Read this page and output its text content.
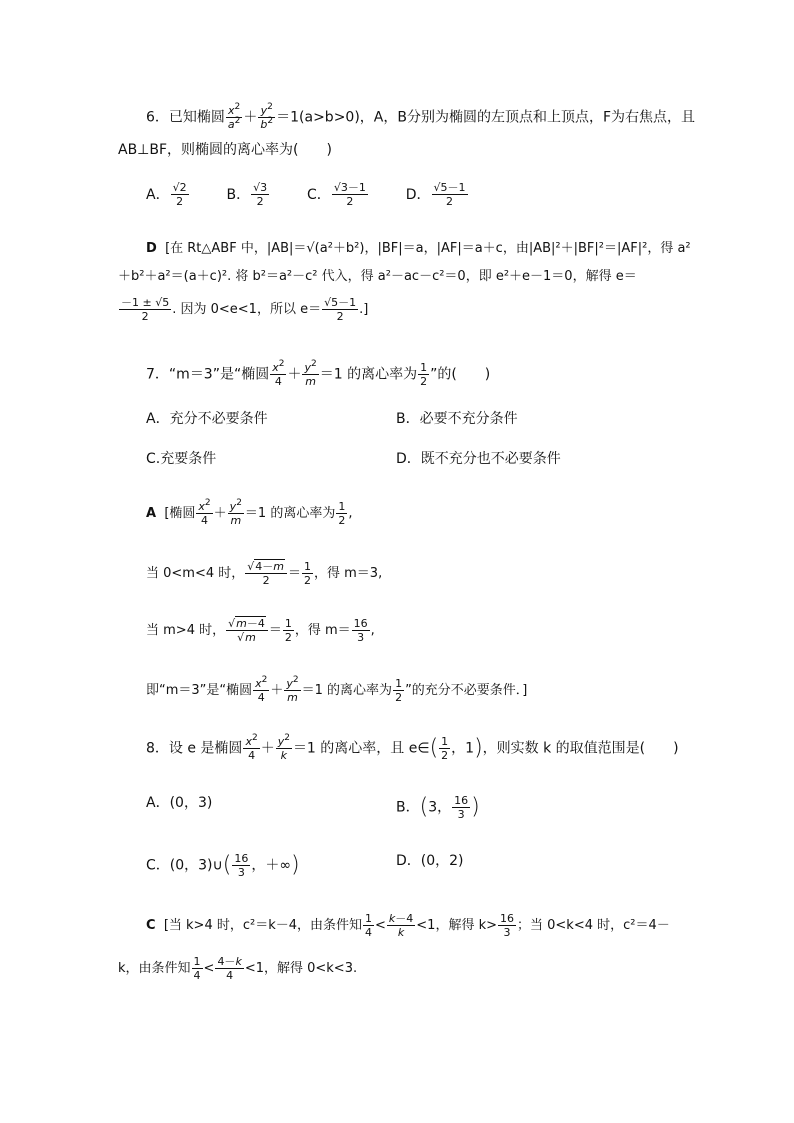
6．已知椭圆 $\frac{x^2}{a^2} + \frac{y^2}{b^2} =1(a>b>0)$，A，B分别为椭圆的左顶点和上顶点，F为右焦点，且
AB⊥BF，则椭圆的离心率为(　　)
A． $\frac{√2}{2}$	B． $\frac{√3}{2}$	C． $\frac{√3-1}{2}$	D． $\frac{√5-1}{2}$
D [在 Rt△ABF 中，|AB|＝√(a²＋b²)，|BF|＝a，|AF|＝a＋c，由|AB|²＋|BF|²＝|AF|²，得 a²
＋b²＋a²＝(a＋c)². 将 b²＝a²－c² 代入，得 a²－ac－c²＝0，即 e²＋e－1＝0，解得 e＝
$\frac{-1 \pm √5}{2}$ . 因为 0<e<1，所以 $e= \frac{√5-1}{2}$ .]
7．“m＝3”是“椭圆 $\frac{x^2}{4} + \frac{y^2}{m} =1$ 的离心率为 $\frac{1}{2}$ ”的(　　)
A．充分不必要条件	B．必要不充分条件
C.充要条件	D．既不充分也不必要条件
A [椭圆 $\frac{x^2}{4} + \frac{y^2}{m} =1$ 的离心率为 $\frac{1}{2}$ ,
当 0<m<4 时， $\frac{√4-m}{2} = \frac{1}{2}$ ，得 m＝3,
当 m>4 时， $\frac{√m-4}{√m} = \frac{1}{2}$ ，得 $m= \frac{16}{3}$ ,
即“m＝3”是“椭圆 $\frac{x^2}{4} + \frac{y^2}{m} =1$ 的离心率为 $\frac{1}{2}$ ”的充分不必要条件．]
8．设 e 是椭圆 $\frac{x^2}{4} + \frac{y^2}{k} =1$ 的离心率，且 e∈( $\frac{1}{2}$ ，1)，则实数 k 的取值范围是(　　)
A．(0，3)	B．(3， $\frac{16}{3}$ )
C．(0，3)∪( $\frac{16}{3}$ ，＋∞)	D．(0，2)
C [当 k>4 时，c²＝k－4，由条件知 $\frac{1}{4} < \frac{k-4}{k} <1$，解得 $k> \frac{16}{3}$ ；当 0<k<4 时，c²＝4－
k，由条件知 $\frac{1}{4} < \frac{4-k}{4} <1$，解得 0<k<3.
